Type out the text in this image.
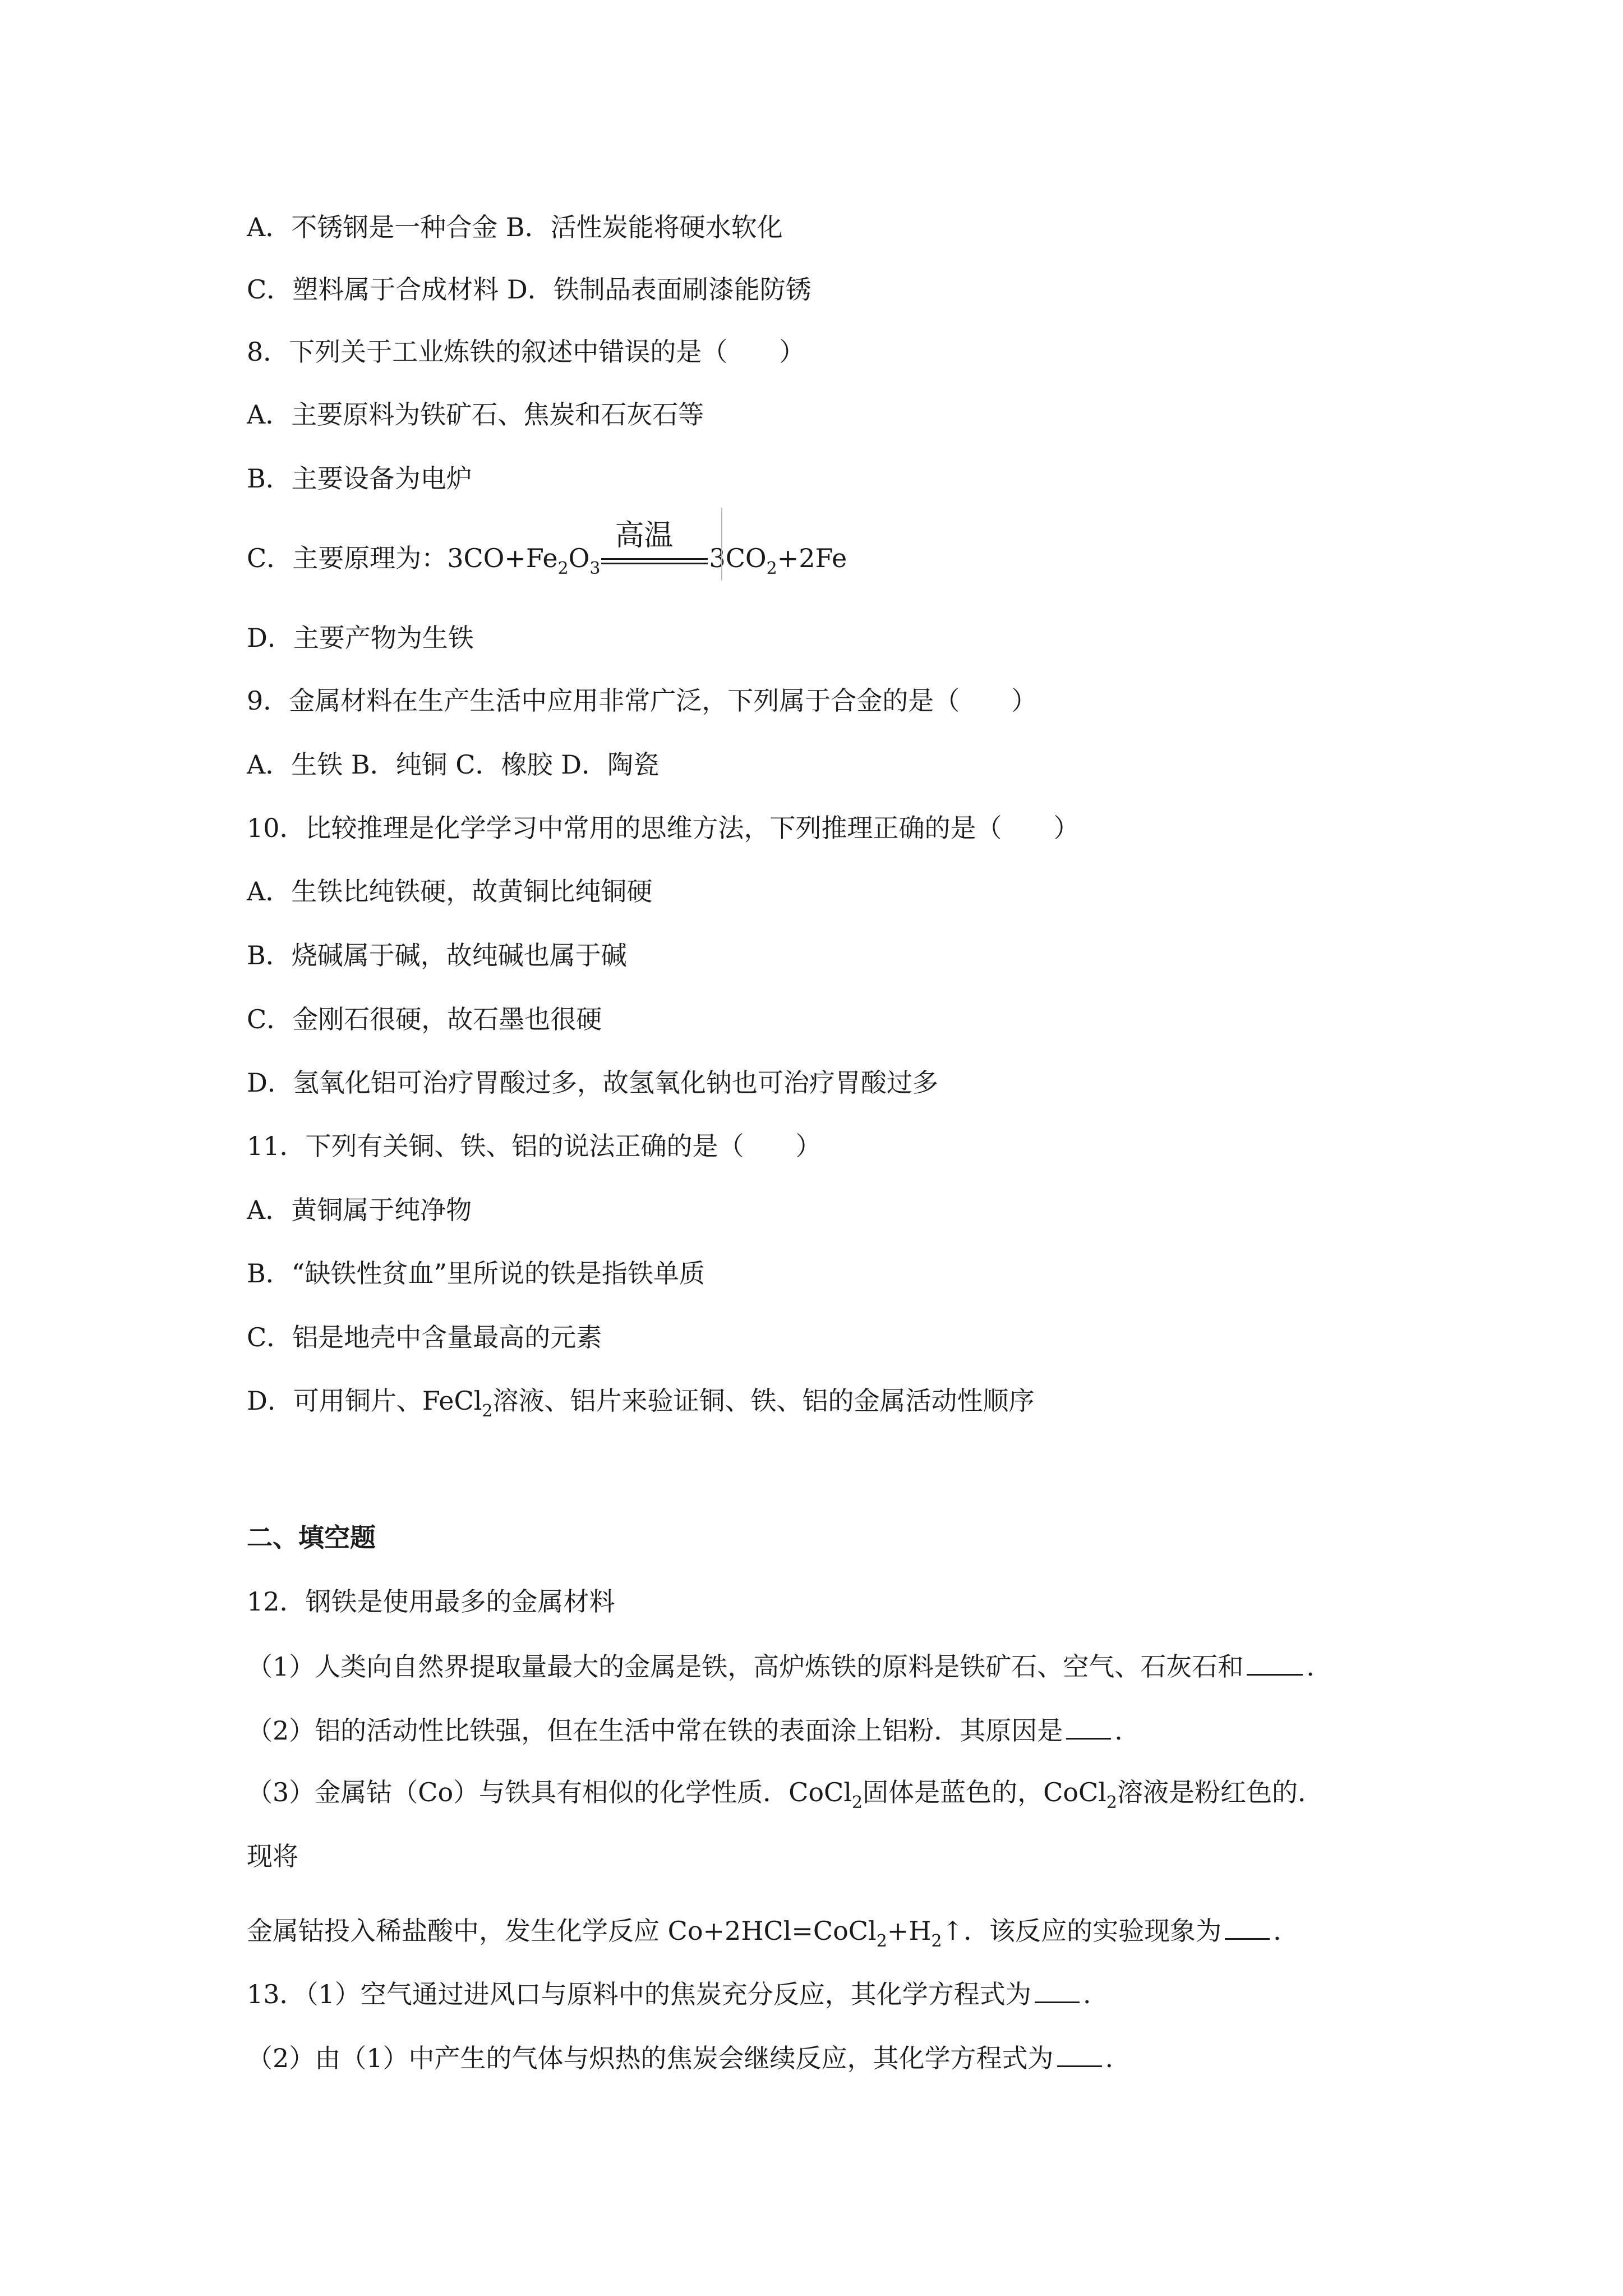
A．不锈钢是一种合金 B．活性炭能将硬水软化
C．塑料属于合成材料 D．铁制品表面刷漆能防锈
8．下列关于工业炼铁的叙述中错误的是（　　）
A．主要原料为铁矿石、焦炭和石灰石等
B．主要设备为电炉
C．主要原理为：$3CO+Fe_2O_3$
高温
$3CO_2+2Fe$
D．主要产物为生铁
9．金属材料在生产生活中应用非常广泛，下列属于合金的是（　　）
A．生铁 B．纯铜 C．橡胶 D．陶瓷
10．比较推理是化学学习中常用的思维方法，下列推理正确的是（　　）
A．生铁比纯铁硬，故黄铜比纯铜硬
B．烧碱属于碱，故纯碱也属于碱
C．金刚石很硬，故石墨也很硬
D．氢氧化铝可治疗胃酸过多，故氢氧化钠也可治疗胃酸过多
11．下列有关铜、铁、铝的说法正确的是（　　）
A．黄铜属于纯净物
B．“缺铁性贫血”里所说的铁是指铁单质
C．铝是地壳中含量最高的元素
D．可用铜片、FeCl$_2$溶液、铝片来验证铜、铁、铝的金属活动性顺序
二、填空题
12．钢铁是使用最多的金属材料
（1）人类向自然界提取量最大的金属是铁，高炉炼铁的原料是铁矿石、空气、石灰石和 .
（2）铝的活动性比铁强，但在生活中常在铁的表面涂上铝粉．其原因是 .
（3）金属钴（Co）与铁具有相似的化学性质．CoCl$_2$固体是蓝色的，CoCl$_2$溶液是粉红色的．
现将
金属钴投入稀盐酸中，发生化学反应 $Co+2HCl=CoCl_2+H_2↑$．该反应的实验现象为 .
13．（1）空气通过进风口与原料中的焦炭充分反应，其化学方程式为 .
（2）由（1）中产生的气体与炽热的焦炭会继续反应，其化学方程式为 .
